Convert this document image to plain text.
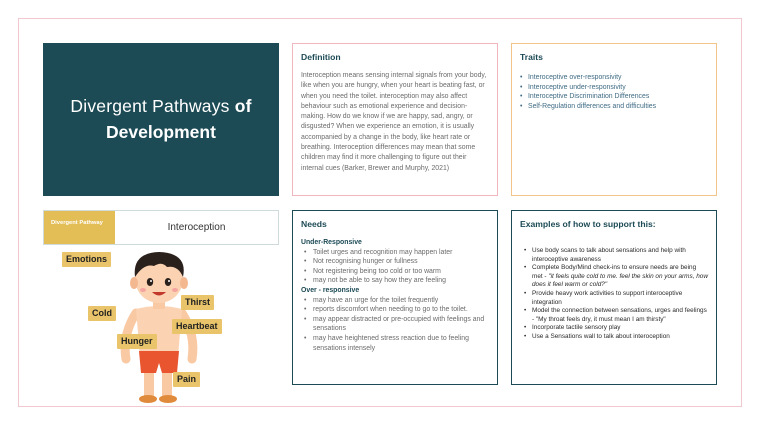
Divergent Pathways of
Development
Definition

Interoception means sensing internal signals from your body, like when you are hungry, when your heart is beating fast, or when you need the toilet. interoception may also affect behaviour such as emotional experience and decision-making. How do we know if we are happy, sad, angry, or disgusted? When we experience an emotion, it is usually accompanied by a change in the body, like heart rate or breathing. Interoception differences may mean that some children may find it more challenging to figure out their internal cues (Barker, Brewer and Murphy, 2021)

Traits
• Interoceptive over-responsivity
• Interoceptive under-responsivity
• Interoceptive Discrimination Differences
• Self-Regulation differences and difficulties
Divergent Pathway	Interoception	Needs
Under-Responsive
• Toilet urges and recognition may happen later
• Not recognising hunger or fullness
• Not registering being too cold or too warm
• may not be able to say how they are feeling
Over - responsive
• may have an urge for the toilet frequently
• reports discomfort when needing to go to the toilet.
• may appear distracted or pre-occupied with feelings and sensations
• may have heightened stress reaction due to feeling sensations intensely
Examples of how to support this:
• Use body scans to talk about sensations and help with interoceptive awareness
• Complete Body/Mind check-ins to ensure needs are being met - "it feels quite cold to me. feel the skin on your arms, how does it feel warm or cold?"
• Provide heavy work activities to support interoceptive integration
• Model the connection between sensations, urges and feelings - "My throat feels dry, it must mean I am thirsty"
• Incorporate tactile sensory play
• Use a Sensations wall to talk about interoception
Emotions
Thirst
Cold
Heartbeat
Hunger
Pain
